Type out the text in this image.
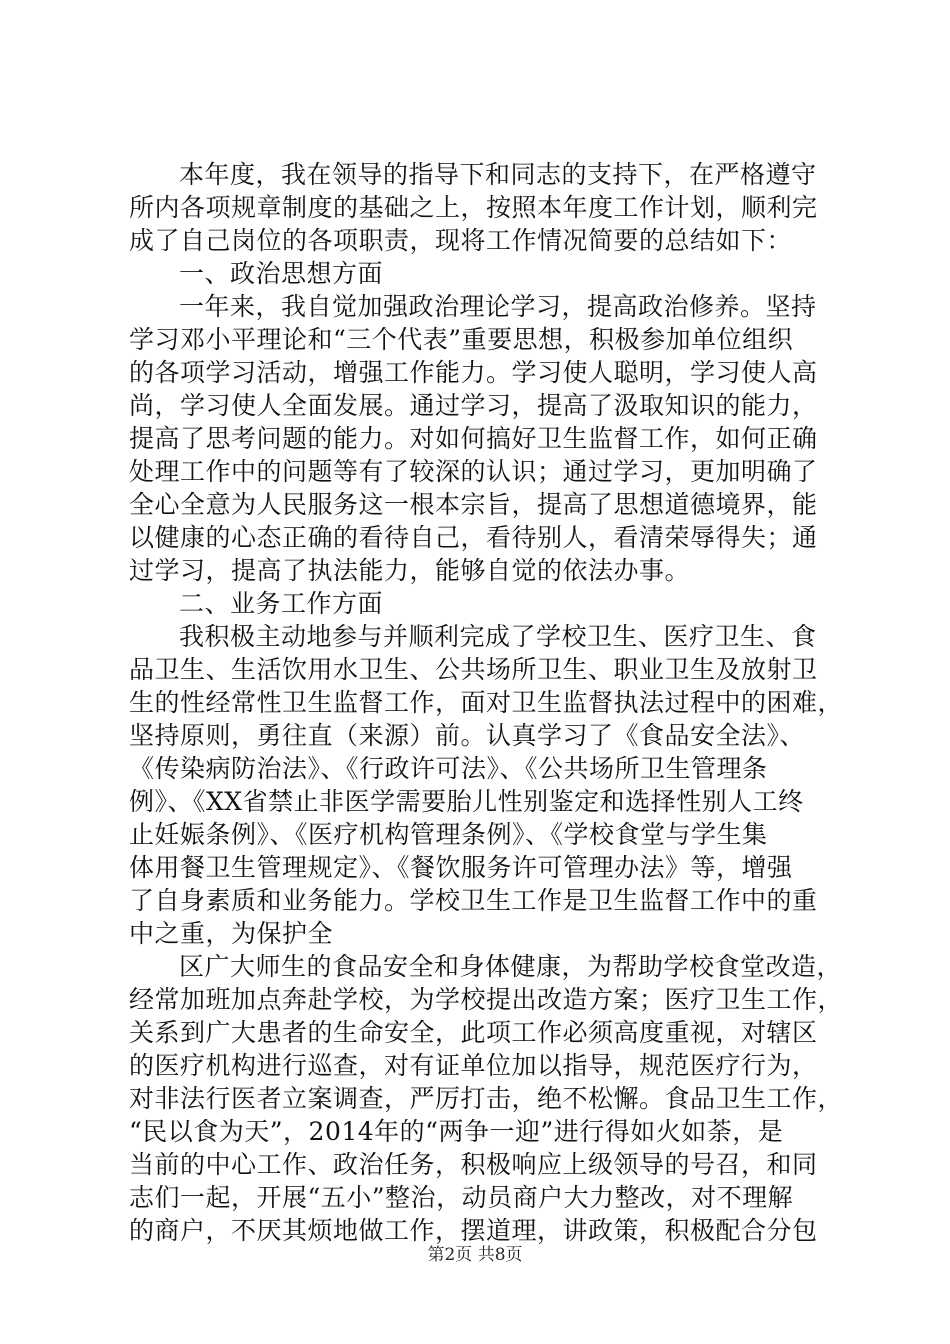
本年度，我在领导的指导下和同志的支持下，在严格遵守
所内各项规章制度的基础之上，按照本年度工作计划，顺利完
成了自己岗位的各项职责，现将工作情况简要的总结如下：
一、政治思想方面
一年来，我自觉加强政治理论学习，提高政治修养。坚持
学习邓小平理论和“三个代表”重要思想，积极参加单位组织
的各项学习活动，增强工作能力。学习使人聪明，学习使人高
尚，学习使人全面发展。通过学习，提高了汲取知识的能力，
提高了思考问题的能力。对如何搞好卫生监督工作，如何正确
处理工作中的问题等有了较深的认识；通过学习，更加明确了
全心全意为人民服务这一根本宗旨，提高了思想道德境界，能
以健康的心态正确的看待自己，看待别人，看清荣辱得失；通
过学习，提高了执法能力，能够自觉的依法办事。
二、业务工作方面
我积极主动地参与并顺利完成了学校卫生、医疗卫生、食
品卫生、生活饮用水卫生、公共场所卫生、职业卫生及放射卫
生的性经常性卫生监督工作，面对卫生监督执法过程中的困难，
坚持原则，勇往直（来源）前。认真学习了《食品安全法》、
《传染病防治法》、《行政许可法》、《公共场所卫生管理条
例》、《XX省禁止非医学需要胎儿性别鉴定和选择性别人工终
止妊娠条例》、《医疗机构管理条例》、《学校食堂与学生集
体用餐卫生管理规定》、《餐饮服务许可管理办法》等，增强
了自身素质和业务能力。学校卫生工作是卫生监督工作中的重
中之重，为保护全
区广大师生的食品安全和身体健康，为帮助学校食堂改造，
经常加班加点奔赴学校，为学校提出改造方案；医疗卫生工作，
关系到广大患者的生命安全，此项工作必须高度重视，对辖区
的医疗机构进行巡查，对有证单位加以指导，规范医疗行为，
对非法行医者立案调查，严厉打击，绝不松懈。食品卫生工作，
“民以食为天”，2014年的“两争一迎”进行得如火如荼，是
当前的中心工作、政治任务，积极响应上级领导的号召，和同
志们一起，开展“五小”整治，动员商户大力整改，对不理解
的商户，不厌其烦地做工作，摆道理，讲政策，积极配合分包
第2页 共8页
